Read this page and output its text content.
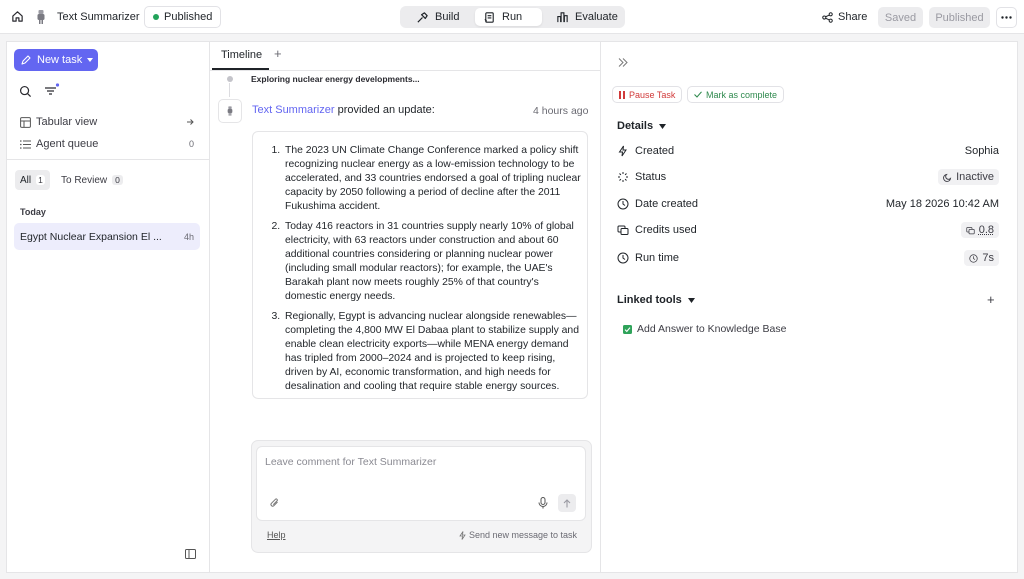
Text Summarizer Published	Build	Run	Evaluate	Share	Saved	Published
New task
Tabular view
Agent queue	0
All 1 To Review 0
Today
Egypt Nuclear Expansion El ... 4h
Timeline +
Exploring nuclear energy developments...
Text Summarizer provided an update:	4 hours ago
1. The 2023 UN Climate Change Conference marked a policy shift recognizing nuclear energy as a low-emission technology to be accelerated, and 33 countries endorsed a goal of tripling nuclear capacity by 2050 following a period of decline after the 2011 Fukushima accident.
2. Today 416 reactors in 31 countries supply nearly 10% of global electricity, with 63 reactors under construction and about 60 additional countries considering or planning nuclear power (including small modular reactors); for example, the UAE's Barakah plant now meets roughly 25% of that country's domestic energy needs.
3. Regionally, Egypt is advancing nuclear alongside renewables—completing the 4,800 MW El Dabaa plant to stabilize supply and enable clean electricity exports—while MENA energy demand has tripled from 2000–2024 and is projected to keep rising, driven by AI, economic transformation, and high needs for desalination and cooling that require stable energy sources.
Leave comment for Text Summarizer
Help	Send new message to task
Pause Task	Mark as complete
Details
Created	Sophia
Status	Inactive
Date created	May 18 2026 10:42 AM
Credits used	0.8
Run time	7s
Linked tools	+
Add Answer to Knowledge Base
